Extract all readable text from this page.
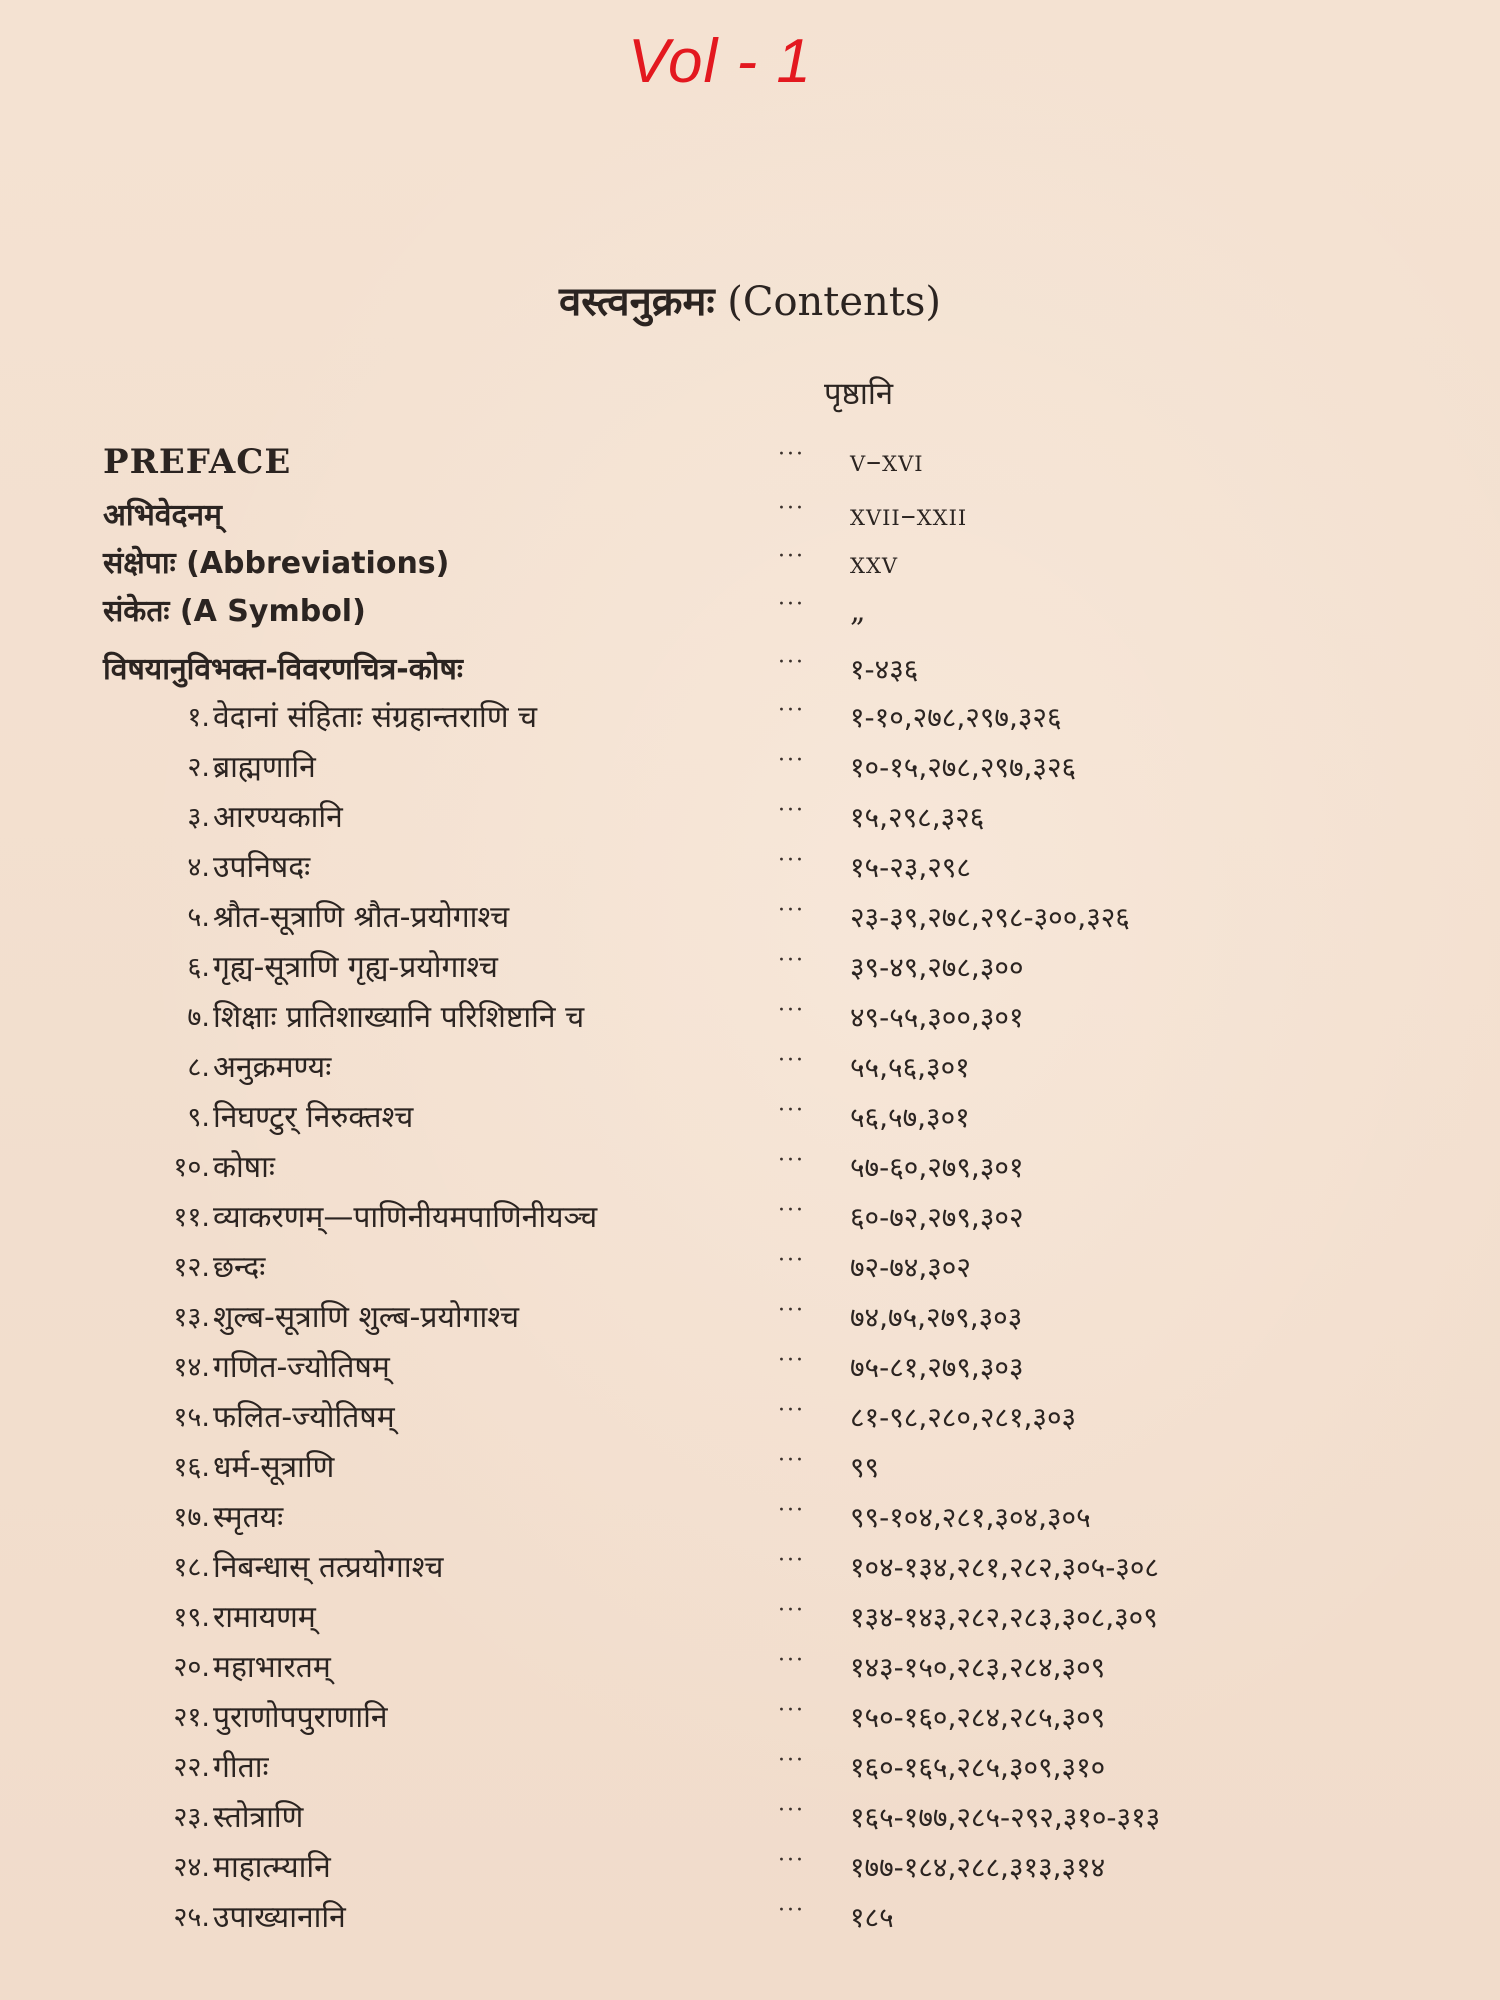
Vol - 1
वस्त्वनुक्रमः (Contents)
पृष्ठानि
PREFACE	··· v–xvi
अभिवेदनम्	··· xvii–xxii
संक्षेपाः (Abbreviations)	··· xxv
संकेतः (A Symbol)	··· „
विषयानुविभक्त-विवरणचित्र-कोषः	··· १-४३६
१. वेदानां संहिताः संग्रहान्तराणि च	··· १-१०,२७८,२९७,३२६
२. ब्राह्मणानि	··· १०-१५,२७८,२९७,३२६
३. आरण्यकानि	··· १५,२९८,३२६
४. उपनिषदः	··· १५-२३,२९८
५. श्रौत-सूत्राणि श्रौत-प्रयोगाश्च	··· २३-३९,२७८,२९८-३००,३२६
६. गृह्य-सूत्राणि गृह्य-प्रयोगाश्च	··· ३९-४९,२७८,३००
७. शिक्षाः प्रातिशाख्यानि परिशिष्टानि च	··· ४९-५५,३००,३०१
८. अनुक्रमण्यः	··· ५५,५६,३०१
९. निघण्टुर् निरुक्तश्च	··· ५६,५७,३०१
१०. कोषाः	··· ५७-६०,२७९,३०१
११. व्याकरणम्—पाणिनीयमपाणिनीयञ्च	··· ६०-७२,२७९,३०२
१२. छन्दः	··· ७२-७४,३०२
१३. शुल्ब-सूत्राणि शुल्ब-प्रयोगाश्च	··· ७४,७५,२७९,३०३
१४. गणित-ज्योतिषम्	··· ७५-८१,२७९,३०३
१५. फलित-ज्योतिषम्	··· ८१-९८,२८०,२८१,३०३
१६. धर्म-सूत्राणि	··· ९९
१७. स्मृतयः	··· ९९-१०४,२८१,३०४,३०५
१८. निबन्धास् तत्प्रयोगाश्च	··· १०४-१३४,२८१,२८२,३०५-३०८
१९. रामायणम्	··· १३४-१४३,२८२,२८३,३०८,३०९
२०. महाभारतम्	··· १४३-१५०,२८३,२८४,३०९
२१. पुराणोपपुराणानि	··· १५०-१६०,२८४,२८५,३०९
२२. गीताः	··· १६०-१६५,२८५,३०९,३१०
२३. स्तोत्राणि	··· १६५-१७७,२८५-२९२,३१०-३१३
२४. माहात्म्यानि	··· १७७-१८४,२८८,३१३,३१४
२५. उपाख्यानानि	··· १८५
